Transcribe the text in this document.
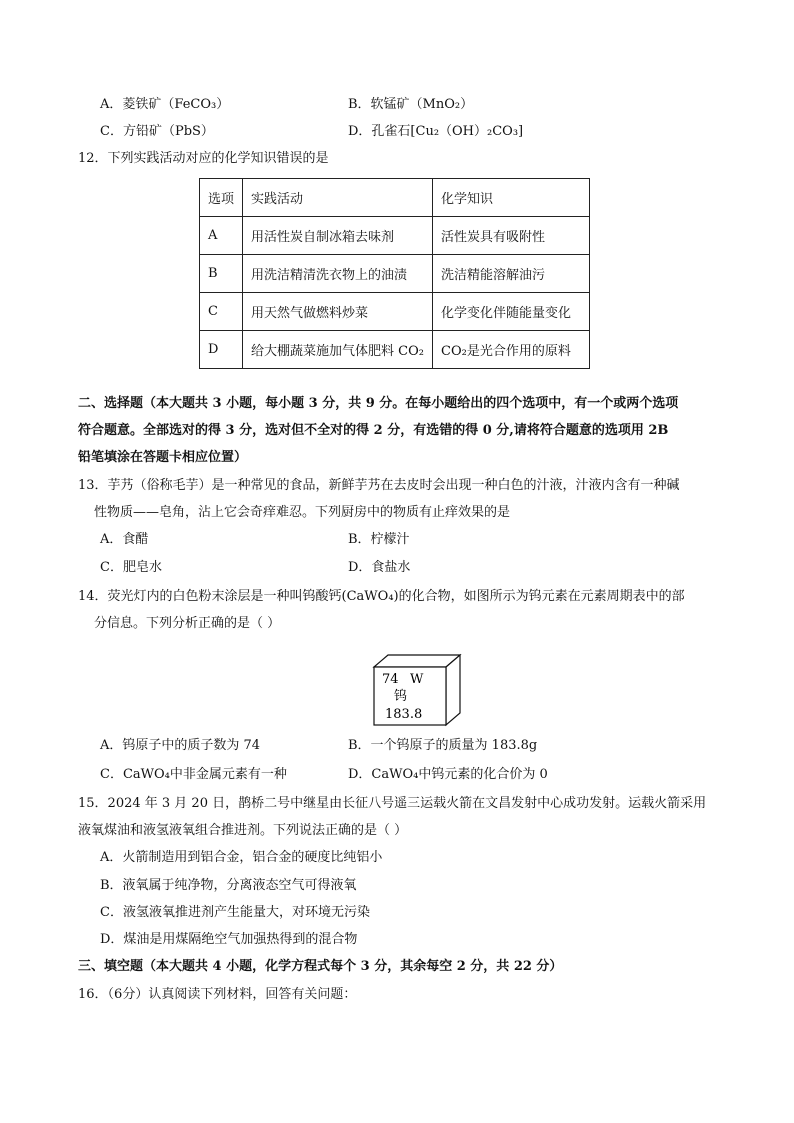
A．菱铁矿（FeCO₃）	B．软锰矿（MnO₂）
C．方铅矿（PbS）	D．孔雀石[Cu₂（OH）₂CO₃]
12．下列实践活动对应的化学知识错误的是
选项	实践活动	化学知识
A	用活性炭自制冰箱去味剂	活性炭具有吸附性
B	用洗洁精清洗衣物上的油渍	洗洁精能溶解油污
C	用天然气做燃料炒菜	化学变化伴随能量变化
D	给大棚蔬菜施加气体肥料 CO₂	CO₂是光合作用的原料
二、选择题（本大题共 3 小题，每小题 3 分，共 9 分。在每小题给出的四个选项中，有一个或两个选项
符合题意。全部选对的得 3 分，选对但不全对的得 2 分，有选错的得 0 分,请将符合题意的选项用 2B
铅笔填涂在答题卡相应位置）
13．芋艿（俗称毛芋）是一种常见的食品，新鲜芋艿在去皮时会出现一种白色的汁液，汁液内含有一种碱
性物质——皂角，沾上它会奇痒难忍。下列厨房中的物质有止痒效果的是
A．食醋	B．柠檬汁
C．肥皂水	D．食盐水
14．荧光灯内的白色粉末涂层是一种叫钨酸钙(CaWO₄)的化合物，如图所示为钨元素在元素周期表中的部
分信息。下列分析正确的是（ ）
74 W
钨
183.8
A．钨原子中的质子数为 74	B．一个钨原子的质量为 183.8g
C．CaWO₄中非金属元素有一种	D．CaWO₄中钨元素的化合价为 0
15．2024 年 3 月 20 日，鹊桥二号中继星由长征八号遥三运载火箭在文昌发射中心成功发射。运载火箭采用
液氧煤油和液氢液氧组合推进剂。下列说法正确的是（ ）
A．火箭制造用到铝合金，铝合金的硬度比纯铝小
B．液氧属于纯净物，分离液态空气可得液氧
C．液氢液氧推进剂产生能量大，对环境无污染
D．煤油是用煤隔绝空气加强热得到的混合物
三、填空题（本大题共 4 小题，化学方程式每个 3 分，其余每空 2 分，共 22 分）
16．（6分）认真阅读下列材料，回答有关问题：
